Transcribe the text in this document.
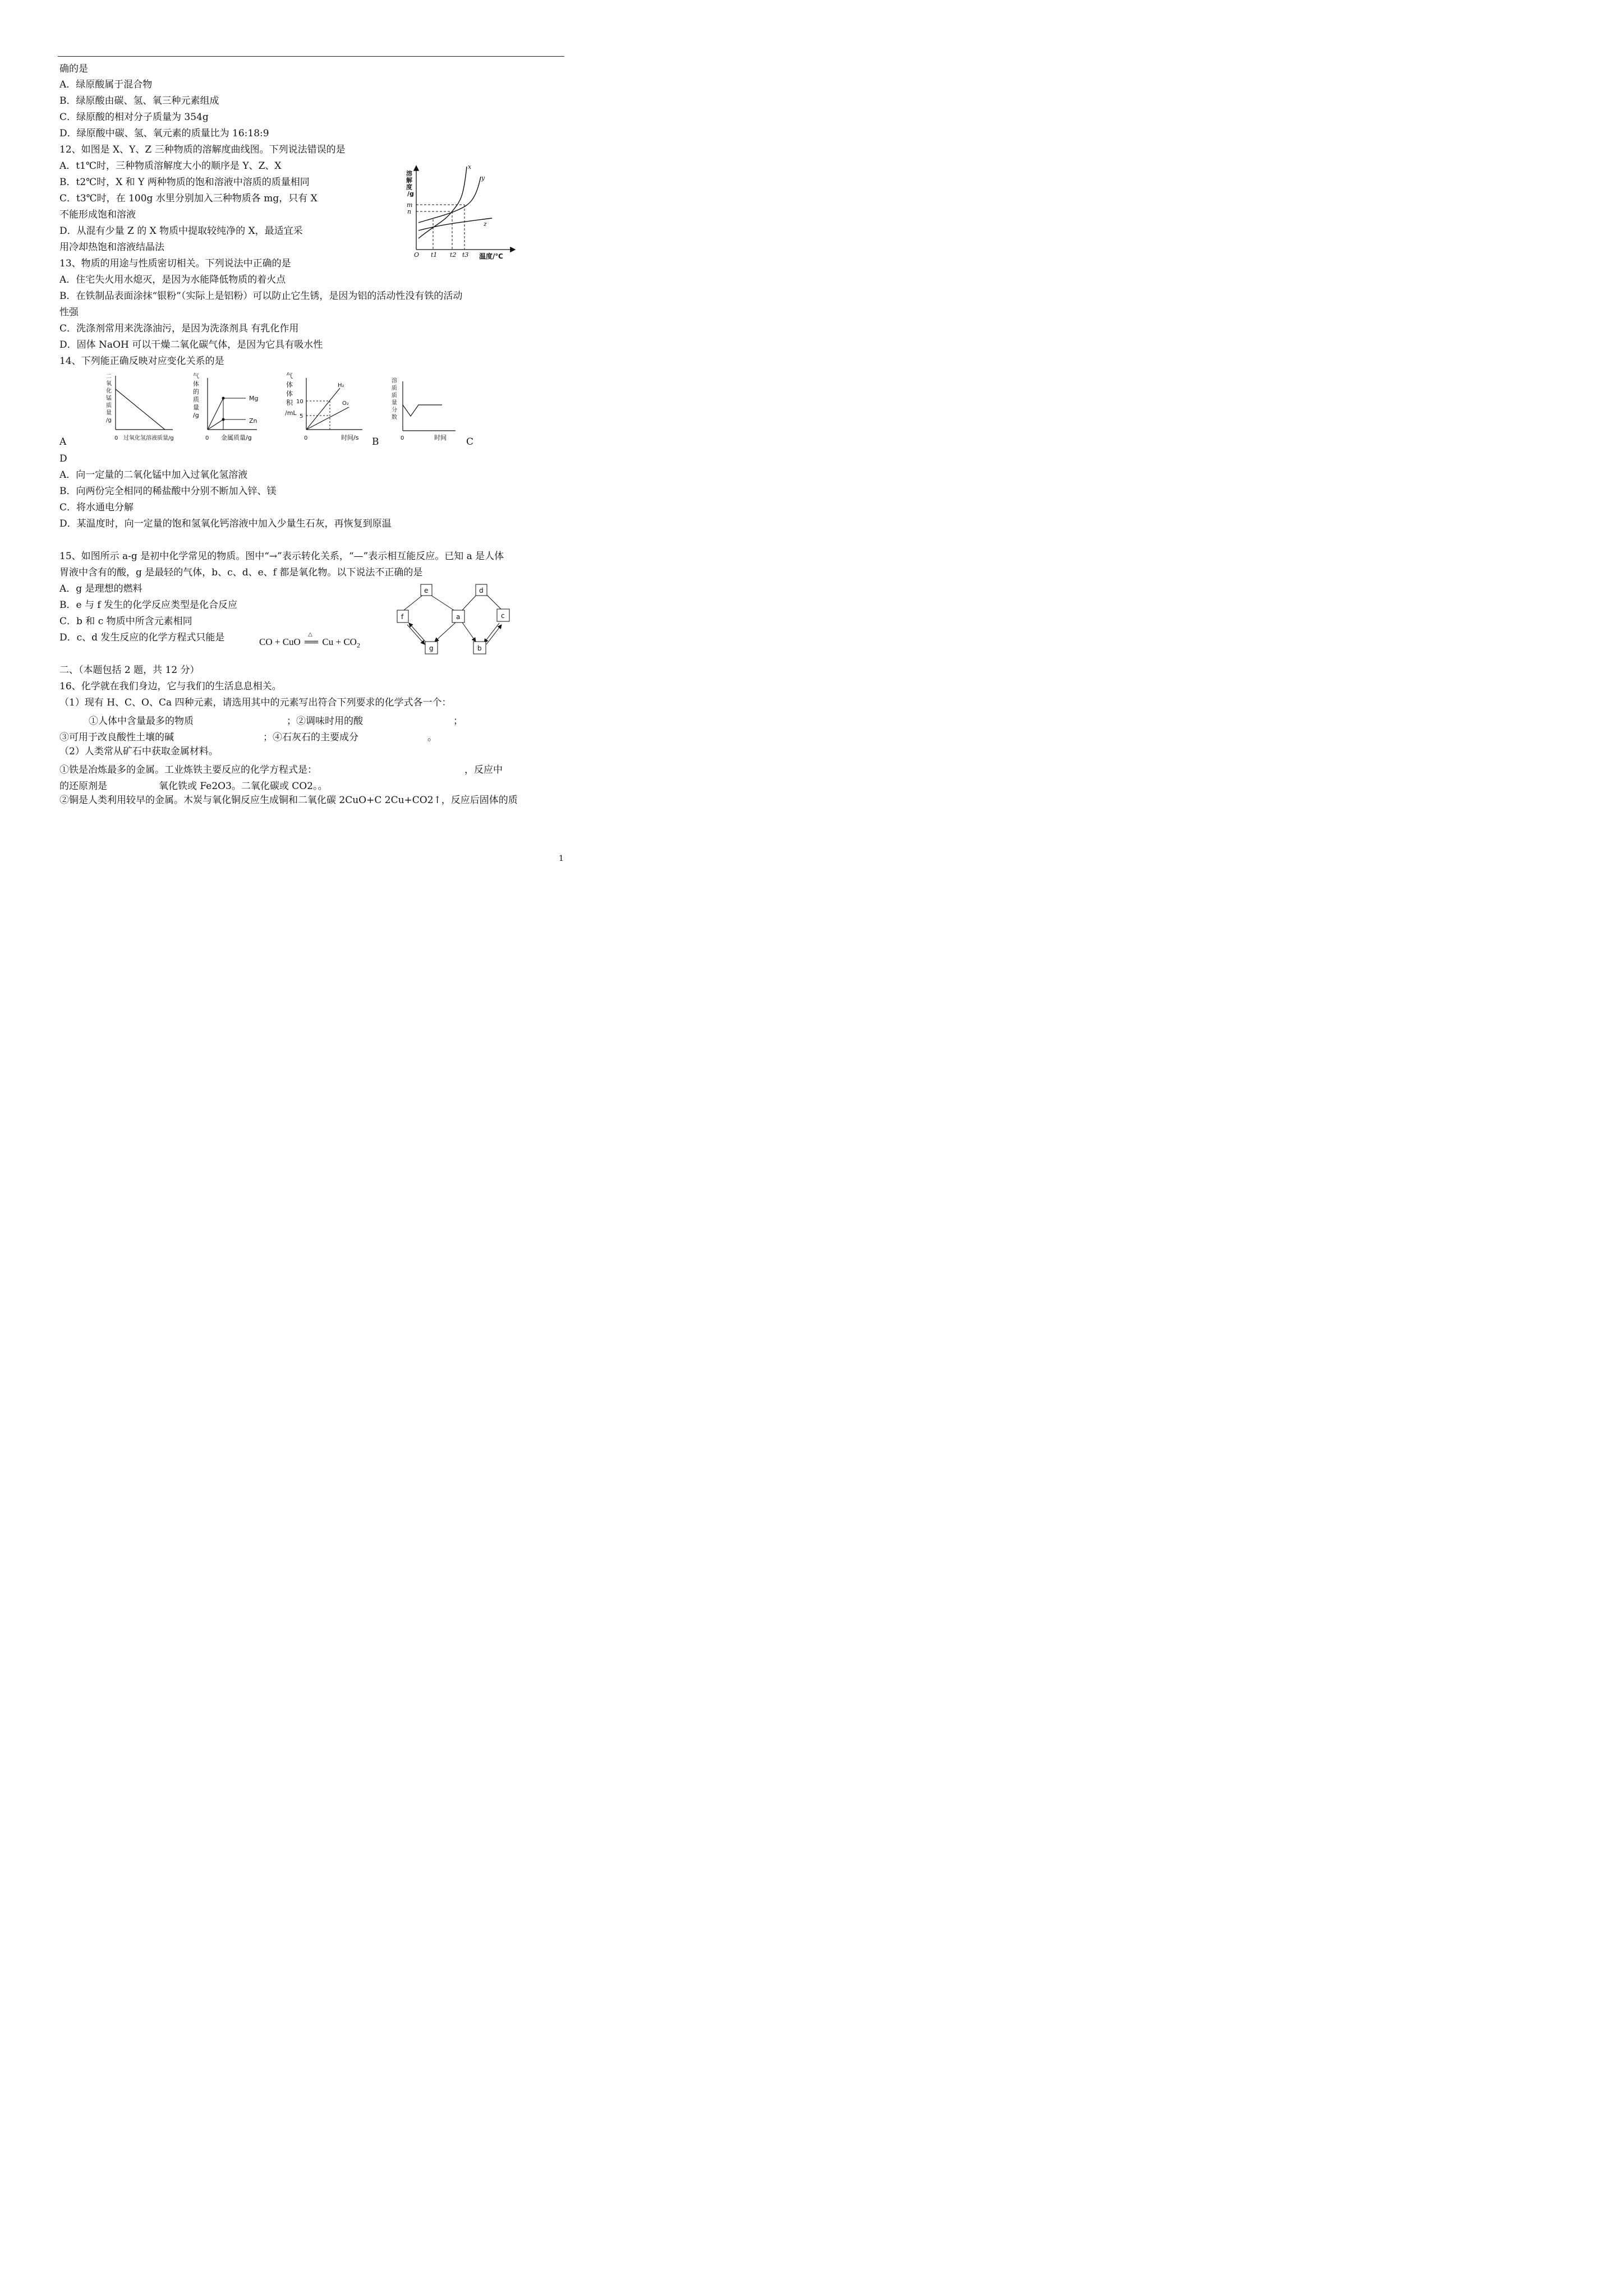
确的是
A．绿原酸属于混合物
B．绿原酸由碳、氢、氧三种元素组成
C．绿原酸的相对分子质量为 354g
D．绿原酸中碳、氢、氧元素的质量比为 16:18:9
12、如图是 X、Y、Z 三种物质的溶解度曲线图。下列说法错误的是
A．t1℃时，三种物质溶解度大小的顺序是 Y、Z、X
B．t2℃时，X 和 Y 两种物质的饱和溶液中溶质的质量相同
C．t3℃时，在 100g 水里分别加入三种物质各 mg，只有 X
不能形成饱和溶液
D．从混有少量 Z 的 X 物质中提取较纯净的 X，最适宜采
用冷却热饱和溶液结晶法
13、物质的用途与性质密切相关。下列说法中正确的是
A．住宅失火用水熄灭，是因为水能降低物质的着火点
B．在铁制品表面涂抹“银粉”（实际上是铝粉）可以防止它生锈，是因为铝的活动性没有铁的活动
性强
C．洗涤剂常用来洗涤油污，是因为洗涤剂具 有乳化作用
D．固体 NaOH 可以干燥二氧化碳气体，是因为它具有吸水性
14、下列能正确反映对应变化关系的是
A	B	C
D
A．向一定量的二氧化锰中加入过氧化氢溶液
B．向两份完全相同的稀盐酸中分别不断加入锌、镁
C．将水通电分解
D．某温度时，向一定量的饱和氢氧化钙溶液中加入少量生石灰，再恢复到原温
15、如图所示 a-g 是初中化学常见的物质。图中“→”表示转化关系，“—”表示相互能反应。已知 a 是人体
胃液中含有的酸，g 是最轻的气体，b、c、d、e、f 都是氧化物。以下说法不正确的是
A．g 是理想的燃料
B．e 与 f 发生的化学反应类型是化合反应
C．b 和 c 物质中所含元素相同
D．c、d 发生反应的化学方程式只能是	CO + CuO
△
══ $Cu + CO_2$
二、（本题包括 2 题，共 12 分）
16、化学就在我们身边，它与我们的生活息息相关。
（1）现有 H、C、O、Ca 四种元素，请选用其中的元素写出符合下列要求的化学式各一个：
①人体中含量最多的物质	；②调味时用的酸	；
③可用于改良酸性土壤的碱	；④石灰石的主要成分	。
（2）人类常从矿石中获取金属材料。
①铁是冶炼最多的金属。工业炼铁主要反应的化学方程式是：	，反应中
的还原剂是	氧化铁或 Fe2O3。二氧化碳或 CO2。。
②铜是人类利用较早的金属。木炭与氧化铜反应生成铜和二氧化碳 2CuO+C 2Cu+CO2↑，反应后固体的质
1
溶
解
度
/g
m
n
x
y
z
O t1 t2 t3 温度/℃
二
氧
化
锰
质
量
/g
0 过氧化氢溶液质量/g
Mg
Zn
气
体
的
质
量
/g
0 金属质量/g
10
5
H₂
O₂
气
体
体
积
/mL
0	时间/s
溶
质
质
量
分
数
0	时间
e	d
f	a	c
g	b
